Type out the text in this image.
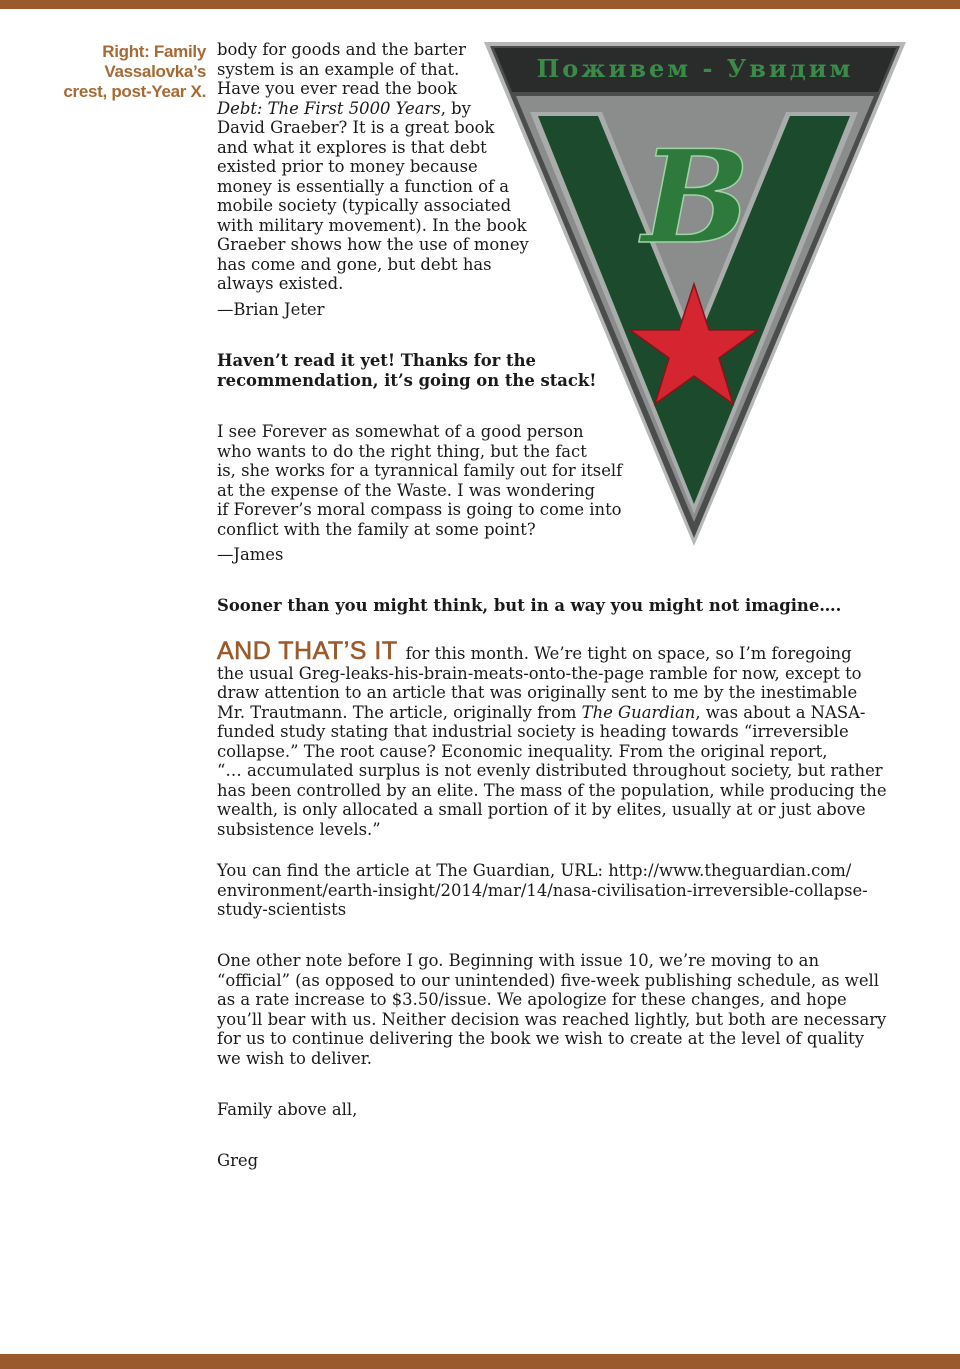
Right: Family
Vassalovka’s
crest, post-Year X.
Поживем - Увидим
В

body for goods and the barter
system is an example of that.
Have you ever read the book
Debt: The First 5000 Years, by
David Graeber? It is a great book
and what it explores is that debt
existed prior to money because
money is essentially a function of a
mobile society (typically associated
with military movement). In the book
Graeber shows how the use of money
has come and gone, but debt has
always existed.

—Brian Jeter

Haven’t read it yet! Thanks for the
recommendation, it’s going on the stack!

I see Forever as somewhat of a good person
who wants to do the right thing, but the fact
is, she works for a tyrannical family out for itself
at the expense of the Waste. I was wondering
if Forever’s moral compass is going to come into
conflict with the family at some point?

—James

Sooner than you might think, but in a way you might not imagine….

AND THAT’S IT for this month. We’re tight on space, so I’m foregoing
the usual Greg-leaks-his-brain-meats-onto-the-page ramble for now, except to
draw attention to an article that was originally sent to me by the inestimable
Mr. Trautmann. The article, originally from The Guardian, was about a NASA-
funded study stating that industrial society is heading towards “irreversible
collapse.” The root cause? Economic inequality. From the original report,
“… accumulated surplus is not evenly distributed throughout society, but rather
has been controlled by an elite. The mass of the population, while producing the
wealth, is only allocated a small portion of it by elites, usually at or just above
subsistence levels.”

You can find the article at The Guardian, URL: http://www.theguardian.com/
environment/earth-insight/2014/mar/14/nasa-civilisation-irreversible-collapse-
study-scientists

One other note before I go. Beginning with issue 10, we’re moving to an
“official” (as opposed to our unintended) five-week publishing schedule, as well
as a rate increase to $3.50/issue. We apologize for these changes, and hope
you’ll bear with us. Neither decision was reached lightly, but both are necessary
for us to continue delivering the book we wish to create at the level of quality
we wish to deliver.

Family above all,

Greg
